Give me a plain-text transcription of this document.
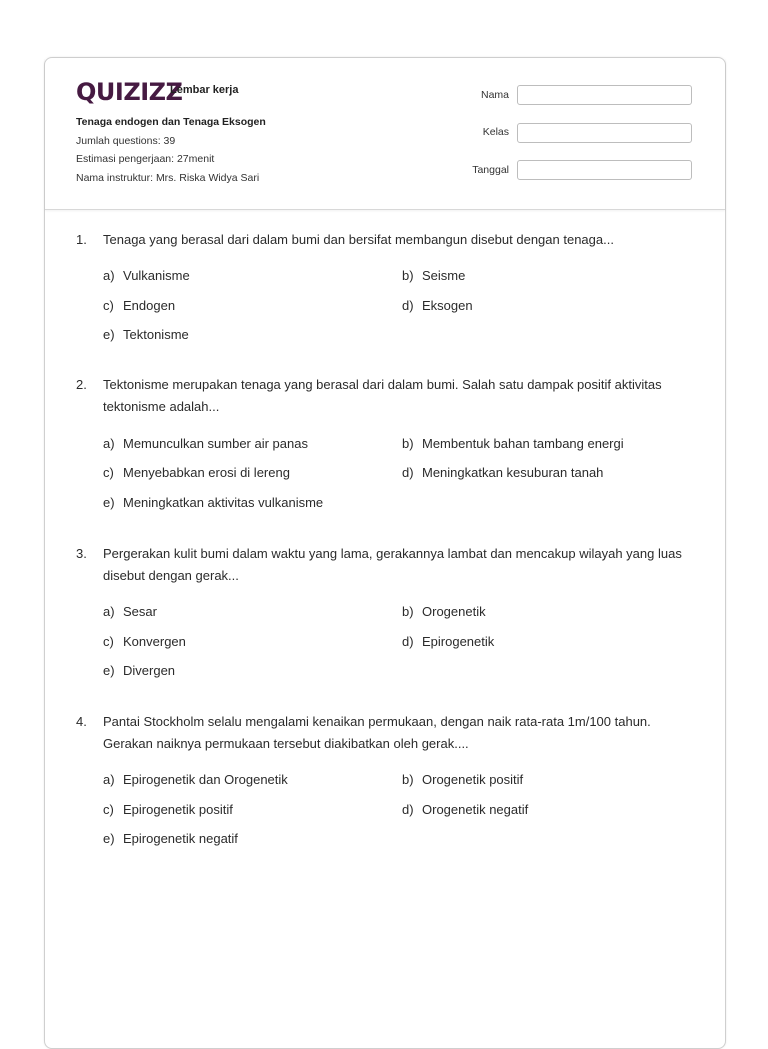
QUIZIZZ
Lembar kerja
Tenaga endogen dan Tenaga Eksogen
Jumlah questions: 39
Estimasi pengerjaan: 27menit
Nama instruktur: Mrs. Riska Widya Sari
Nama
Kelas
Tanggal
1. Tenaga yang berasal dari dalam bumi dan bersifat membangun disebut dengan tenaga...
a) Vulkanisme	b) Seisme
c) Endogen	d) Eksogen
e) Tektonisme
2. Tektonisme merupakan tenaga yang berasal dari dalam bumi. Salah satu dampak positif aktivitas tektonisme adalah...
a) Memunculkan sumber air panas	b) Membentuk bahan tambang energi
c) Menyebabkan erosi di lereng	d) Meningkatkan kesuburan tanah
e) Meningkatkan aktivitas vulkanisme
3. Pergerakan kulit bumi dalam waktu yang lama, gerakannya lambat dan mencakup wilayah yang luas disebut dengan gerak...
a) Sesar	b) Orogenetik
c) Konvergen	d) Epirogenetik
e) Divergen
4. Pantai Stockholm selalu mengalami kenaikan permukaan, dengan naik rata-rata 1m/100 tahun. Gerakan naiknya permukaan tersebut diakibatkan oleh gerak....
a) Epirogenetik dan Orogenetik	b) Orogenetik positif
c) Epirogenetik positif	d) Orogenetik negatif
e) Epirogenetik negatif
